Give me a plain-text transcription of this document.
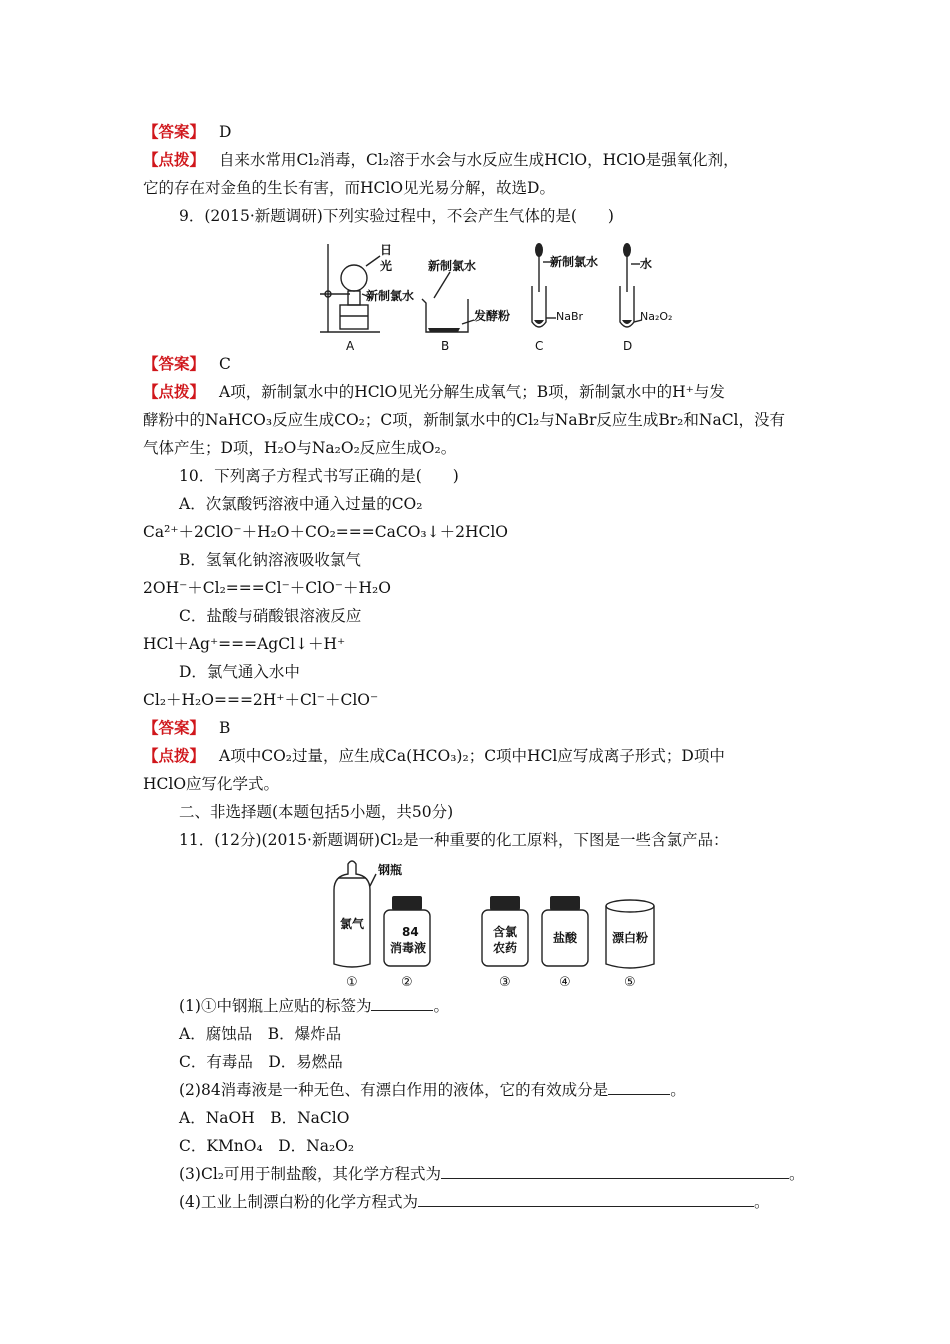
【答案】 D
【点拨】 自来水常用Cl₂消毒，Cl₂溶于水会与水反应生成HClO，HClO是强氧化剂，
它的存在对金鱼的生长有害，而HClO见光易分解，故选D。
9．(2015·新题调研)下列实验过程中，不会产生气体的是(　　)
日
光
新制氯水
新制氯水
发酵粉
新制氯水	水
NaBr	Na₂O₂
A	B	C	D
【答案】 C
【点拨】 A项，新制氯水中的HClO见光分解生成氧气；B项，新制氯水中的H⁺与发
酵粉中的NaHCO₃反应生成CO₂；C项，新制氯水中的Cl₂与NaBr反应生成Br₂和NaCl，没有
气体产生；D项，H₂O与Na₂O₂反应生成O₂。
10．下列离子方程式书写正确的是(　　)
A．次氯酸钙溶液中通入过量的CO₂
Ca²⁺＋2ClO⁻＋H₂O＋CO₂===CaCO₃↓＋2HClO
B．氢氧化钠溶液吸收氯气
2OH⁻＋Cl₂===Cl⁻＋ClO⁻＋H₂O
C．盐酸与硝酸银溶液反应
HCl＋Ag⁺===AgCl↓＋H⁺
D．氯气通入水中
Cl₂＋H₂O===2H⁺＋Cl⁻＋ClO⁻
【答案】 B
【点拨】 A项中CO₂过量，应生成Ca(HCO₃)₂；C项中HCl应写成离子形式；D项中
HClO应写化学式。
二、非选择题(本题包括5小题，共50分)
11．(12分)(2015·新题调研)Cl₂是一种重要的化工原料，下图是一些含氯产品：
钢瓶
氯气
84
消毒液
含氯
农药
盐酸	漂白粉
①	②	③	④	⑤
(1)①中钢瓶上应贴的标签为	。
A．腐蚀品　B．爆炸品
C．有毒品　D．易燃品
(2)84消毒液是一种无色、有漂白作用的液体，它的有效成分是	。
A．NaOH　B．NaClO
C．KMnO₄　D．Na₂O₂
(3)Cl₂可用于制盐酸，其化学方程式为	。
(4)工业上制漂白粉的化学方程式为	。
